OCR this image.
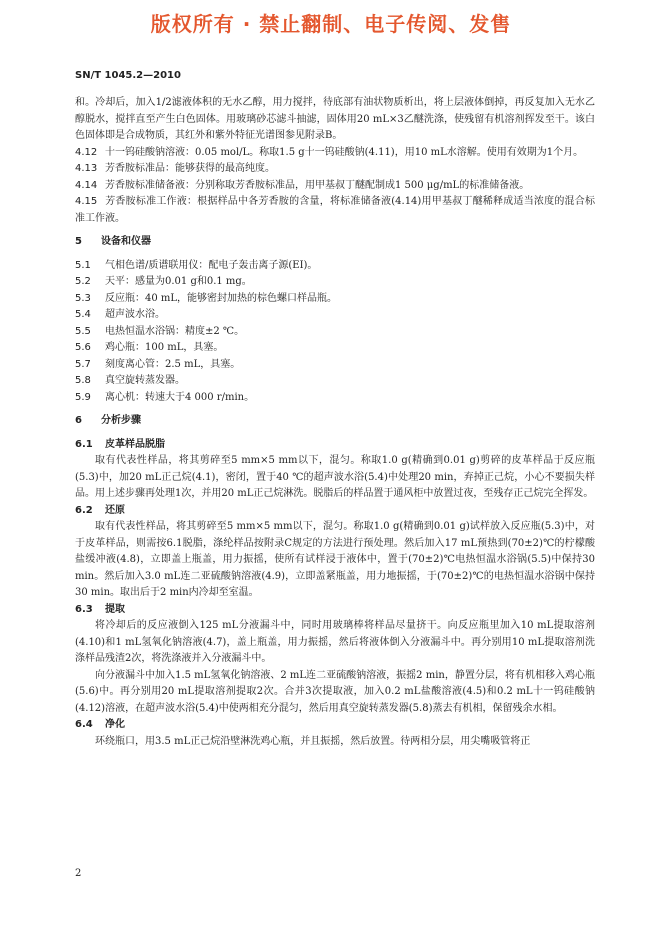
版权所有 · 禁止翻制、电子传阅、发售
SN/T 1045.2—2010

和。冷却后，加入1/2滤液体积的无水乙醇，用力搅拌，待底部有油状物质析出，将上层液体倒掉，再反复加入无水乙醇脱水，搅拌直至产生白色固体。用玻璃砂芯滤斗抽滤，固体用20 mL×3乙醚洗涤，使残留有机溶剂挥发至干。该白色固体即是合成物质，其红外和紫外特征光谱图参见附录B。

4.12 十一钨硅酸钠溶液：0.05 mol/L。称取1.5 g十一钨硅酸钠(4.11)，用10 mL水溶解。使用有效期为1个月。

4.13 芳香胺标准品：能够获得的最高纯度。

4.14 芳香胺标准储备液：分别称取芳香胺标准品，用甲基叔丁醚配制成1 500 μg/mL的标准储备液。

4.15 芳香胺标准工作液：根据样品中各芳香胺的含量，将标准储备液(4.14)用甲基叔丁醚稀释成适当浓度的混合标准工作液。

5 设备和仪器

5.1 气相色谱/质谱联用仪：配电子轰击离子源(EI)。

5.2 天平：感量为0.01 g和0.1 mg。

5.3 反应瓶：40 mL，能够密封加热的棕色螺口样品瓶。

5.4 超声波水浴。

5.5 电热恒温水浴锅：精度±2 ℃。

5.6 鸡心瓶：100 mL，具塞。

5.7 刻度离心管：2.5 mL，具塞。

5.8 真空旋转蒸发器。

5.9 离心机：转速大于4 000 r/min。

6 分析步骤
6.1 皮革样品脱脂

取有代表性样品，将其剪碎至5 mm×5 mm以下，混匀。称取1.0 g(精确到0.01 g)剪碎的皮革样品于反应瓶(5.3)中，加20 mL正己烷(4.1)，密闭，置于40 ℃的超声波水浴(5.4)中处理20 min，弃掉正己烷，小心不要损失样品。用上述步骤再处理1次，并用20 mL正己烷淋洗。脱脂后的样品置于通风柜中放置过夜，至残存正己烷完全挥发。

6.2 还原

取有代表性样品，将其剪碎至5 mm×5 mm以下，混匀。称取1.0 g(精确到0.01 g)试样放入反应瓶(5.3)中，对于皮革样品，则需按6.1脱脂，涤纶样品按附录C规定的方法进行预处理。然后加入17 mL预热到(70±2)℃的柠檬酸盐缓冲液(4.8)，立即盖上瓶盖，用力振摇，使所有试样浸于液体中，置于(70±2)℃电热恒温水浴锅(5.5)中保持30 min。然后加入3.0 mL连二亚硫酸钠溶液(4.9)，立即盖紧瓶盖，用力地振摇，于(70±2)℃的电热恒温水浴锅中保持30 min。取出后于2 min内冷却至室温。

6.3 提取

将冷却后的反应液倒入125 mL分液漏斗中，同时用玻璃棒将样品尽量挤干。向反应瓶里加入10 mL提取溶剂(4.10)和1 mL氢氧化钠溶液(4.7)，盖上瓶盖，用力振摇，然后将液体倒入分液漏斗中。再分别用10 mL提取溶剂洗涤样品残渣2次，将洗涤液并入分液漏斗中。

向分液漏斗中加入1.5 mL氢氧化钠溶液、2 mL连二亚硫酸钠溶液，振摇2 min，静置分层，将有机相移入鸡心瓶(5.6)中。再分别用20 mL提取溶剂提取2次。合并3次提取液，加入0.2 mL盐酸溶液(4.5)和0.2 mL十一钨硅酸钠(4.12)溶液，在超声波水浴(5.4)中使两相充分混匀，然后用真空旋转蒸发器(5.8)蒸去有机相，保留残余水相。

6.4 净化

环绕瓶口，用3.5 mL正己烷沿壁淋洗鸡心瓶，并且振摇，然后放置。待两相分层，用尖嘴吸管将正

2
